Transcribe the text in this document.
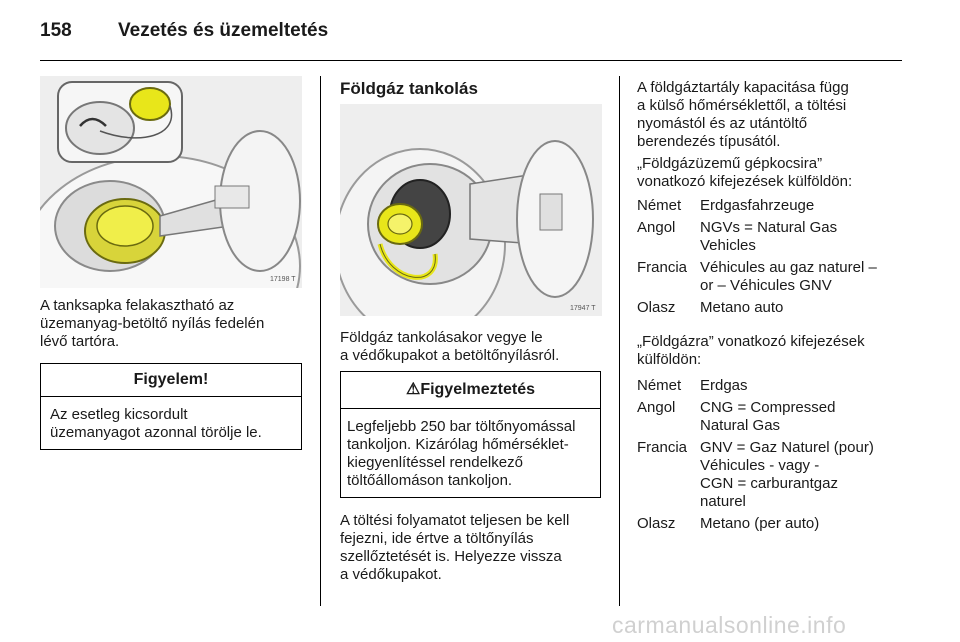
158 Vezetés és üzemeltetés
17198 T
A tanksapka felakasztható az
üzemanyag-betöltő nyílás fedelén
lévő tartóra.
Figyelem!
Az esetleg kicsordult
üzemanyagot azonnal törölje le.
Földgáz tankolás
17947 T
Földgáz tankolásakor vegye le
a védőkupakot a betöltőnyílásról.
⚠Figyelmeztetés
Legfeljebb 250 bar töltőnyomással
tankoljon. Kizárólag hőmérséklet-
kiegyenlítéssel rendelkező
töltőállomáson tankoljon.
A töltési folyamatot teljesen be kell
fejezni, ide értve a töltőnyílás
szellőztetését is. Helyezze vissza
a védőkupakot.
A földgáztartály kapacitása függ
a külső hőmérséklettől, a töltési
nyomástól és az utántöltő
berendezés típusától.
„Földgázüzemű gépkocsira”
vonatkozó kifejezések külföldön:
Német Erdgasfahrzeuge
Angol NGVs = Natural Gas
Vehicles
Francia Véhicules au gaz naturel –
or – Véhicules GNV
Olasz Metano auto
„Földgázra” vonatkozó kifejezések
külföldön:
Német Erdgas
Angol CNG = Compressed
Natural Gas
Francia GNV = Gaz Naturel (pour)
Véhicules - vagy -
CGN = carburantgaz
naturel
Olasz Metano (per auto)
carmanualsonline.info
